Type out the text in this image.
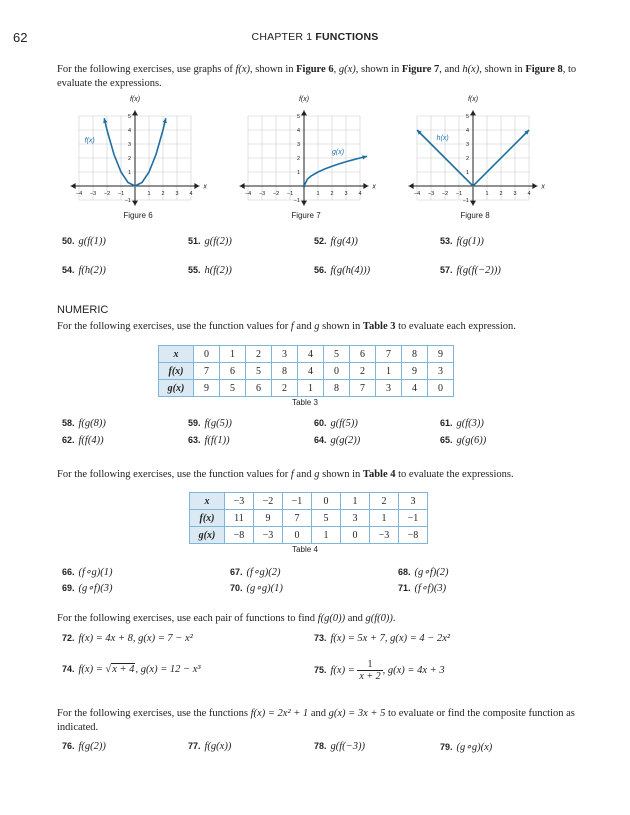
62	CHAPTER 1 FUNCTIONS
For the following exercises, use graphs of f(x), shown in Figure 6, g(x), shown in Figure 7, and h(x), shown in Figure 8, to evaluate the expressions.
−4 −3 −2 −1	1 2 3 4
1
2
3
4
5
−1
f(x)
x
f(x)
−4 −3 −2 −1	1 2 3 4
1
2
3
4
5
−1
f(x)
x
g(x)
−4 −3 −2 −1	1 2 3 4
1
2
3
4
5
−1
f(x)
x
h(x)
Figure 6	Figure 7	Figure 8
50. g(f(1))	51. g(f(2))	52. f(g(4))	53. f(g(1))
54. f(h(2))	55. h(f(2))	56. f(g(h(4)))	57. f(g(f(−2)))
NUMERIC
For the following exercises, use the function values for f and g shown in Table 3 to evaluate each expression.
x	0	1	2	3	4	5	6	7	8	9
f(x)	7	6	5	8	4	0	2	1	9	3
g(x)	9	5	6	2	1	8	7	3	4	0
Table 3
58. f(g(8))	59. f(g(5))	60. g(f(5))	61. g(f(3))
62. f(f(4))	63. f(f(1))	64. g(g(2))	65. g(g(6))
For the following exercises, use the function values for f and g shown in Table 4 to evaluate the expressions.
x	−3	−2	−1	0	1	2	3
f(x)	11	9	7	5	3	1	−1
g(x)	−8	−3	0	1	0	−3	−8
Table 4
66. (f∘g)(1)	67. (f∘g)(2)	68. (g∘f)(2)
69. (g∘f)(3)	70. (g∘g)(1)	71. (f∘f)(3)
For the following exercises, use each pair of functions to find f(g(0)) and g(f(0)).
72. f(x) = 4x + 8, g(x) = 7 − x²	73. f(x) = 5x + 7, g(x) = 4 − 2x²
74. f(x) = √x + 4, g(x) = 12 − x³	75. $f(x) = \frac{1}{x + 2}$ , g(x) = 4x + 3
For the following exercises, use the functions f(x) = 2x² + 1 and g(x) = 3x + 5 to evaluate or find the composite function as indicated.
76. f(g(2))	77. f(g(x))	78. g(f(−3))	79. (g∘g)(x)
